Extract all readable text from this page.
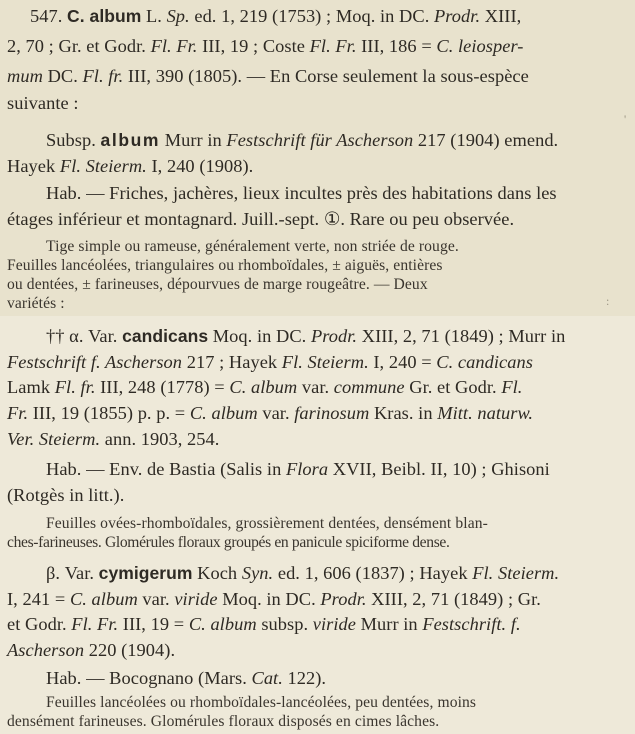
547. C. album L. Sp. ed. 1, 219 (1753) ; Moq. in DC. Prodr. XIII,
2, 70 ; Gr. et Godr. Fl. Fr. III, 19 ; Coste Fl. Fr. III, 186 = C. leiosper-
mum DC. Fl. fr. III, 390 (1805). — En Corse seulement la sous-espèce
suivante :
Subsp. album Murr in Festschrift für Ascherson 217 (1904) emend.
Hayek Fl. Steierm. I, 240 (1908).
Hab. — Friches, jachères, lieux incultes près des habitations dans les
étages inférieur et montagnard. Juill.-sept. ①. Rare ou peu observée.
Tige simple ou rameuse, généralement verte, non striée de rouge.
Feuilles lancéolées, triangulaires ou rhomboïdales, ± aiguës, entières
ou dentées, ± farineuses, dépourvues de marge rougeâtre. — Deux
variétés :
†† α. Var. candicans Moq. in DC. Prodr. XIII, 2, 71 (1849) ; Murr in
Festschrift f. Ascherson 217 ; Hayek Fl. Steierm. I, 240 = C. candicans
Lamk Fl. fr. III, 248 (1778) = C. album var. commune Gr. et Godr. Fl.
Fr. III, 19 (1855) p. p. = C. album var. farinosum Kras. in Mitt. naturw.
Ver. Steierm. ann. 1903, 254.
Hab. — Env. de Bastia (Salis in Flora XVII, Beibl. II, 10) ; Ghisoni
(Rotgès in litt.).
Feuilles ovées-rhomboïdales, grossièrement dentées, densément blan-
ches-farineuses. Glomérules floraux groupés en panicule spiciforme dense.
β. Var. cymigerum Koch Syn. ed. 1, 606 (1837) ; Hayek Fl. Steierm.
I, 241 = C. album var. viride Moq. in DC. Prodr. XIII, 2, 71 (1849) ; Gr.
et Godr. Fl. Fr. III, 19 = C. album subsp. viride Murr in Festschrift. f.
Ascherson 220 (1904).
Hab. — Bocognano (Mars. Cat. 122).
Feuilles lancéolées ou rhomboïdales-lancéolées, peu dentées, moins
densément farineuses. Glomérules floraux disposés en cimes lâches.
'
:
